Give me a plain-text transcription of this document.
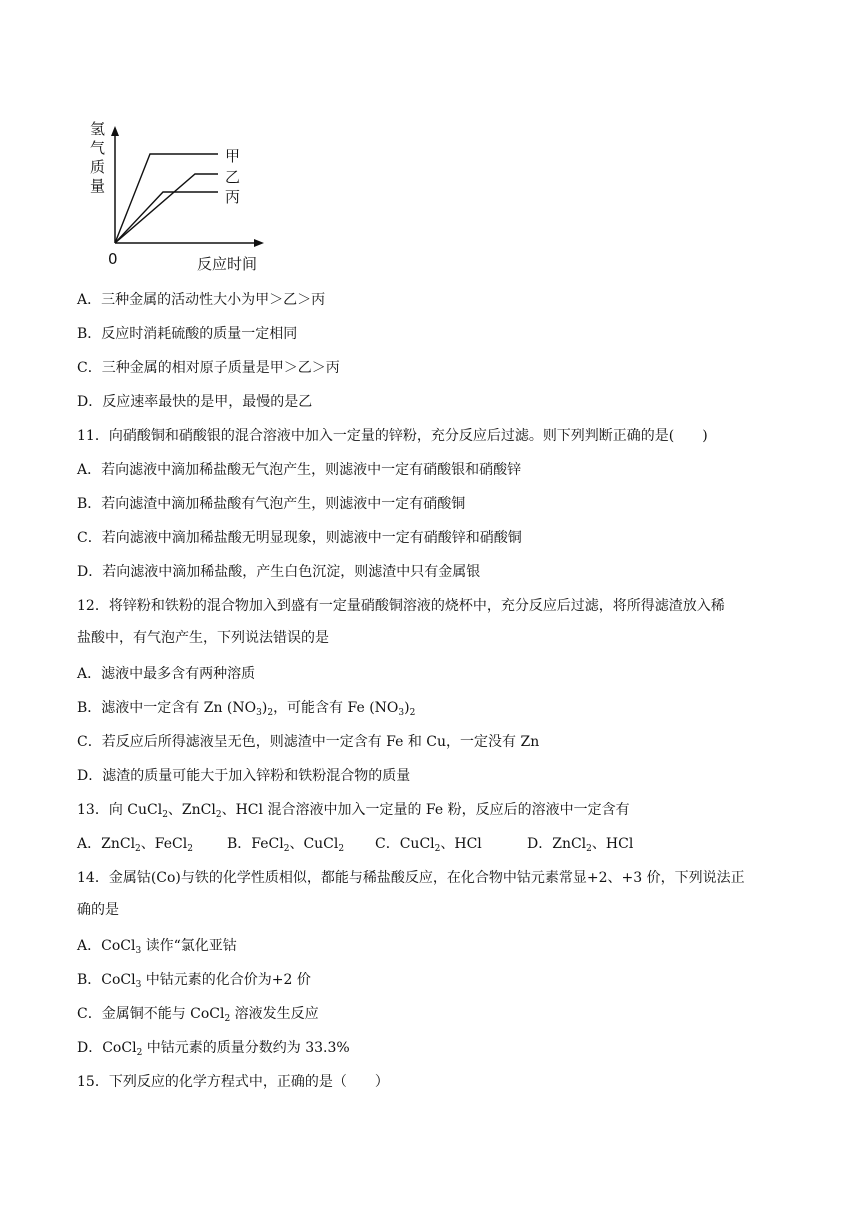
氢
气
质
量
甲
乙
丙
0	反应时间
A．三种金属的活动性大小为甲＞乙＞丙
B．反应时消耗硫酸的质量一定相同
C．三种金属的相对原子质量是甲＞乙＞丙
D．反应速率最快的是甲，最慢的是乙
11．向硝酸铜和硝酸银的混合溶液中加入一定量的锌粉，充分反应后过滤。则下列判断正确的是(　　)
A．若向滤液中滴加稀盐酸无气泡产生，则滤液中一定有硝酸银和硝酸锌
B．若向滤渣中滴加稀盐酸有气泡产生，则滤液中一定有硝酸铜
C．若向滤液中滴加稀盐酸无明显现象，则滤液中一定有硝酸锌和硝酸铜
D．若向滤液中滴加稀盐酸，产生白色沉淀，则滤渣中只有金属银
12．将锌粉和铁粉的混合物加入到盛有一定量硝酸铜溶液的烧杯中，充分反应后过滤，将所得滤渣放入稀
盐酸中，有气泡产生，下列说法错误的是
A．滤液中最多含有两种溶质
B．滤液中一定含有 Zn $(NO_3)_2$，可能含有 Fe $(NO_3)_2$
C．若反应后所得滤液呈无色，则滤渣中一定含有 Fe 和 Cu，一定没有 Zn
D．滤渣的质量可能大于加入锌粉和铁粉混合物的质量
13．向 CuCl$_2$、ZnCl$_2$、HCl 混合溶液中加入一定量的 Fe 粉，反应后的溶液中一定含有
A．ZnCl$_2$、FeCl$_2$ B．FeCl$_2$、CuCl$_2$ C．CuCl$_2$、HCl	D．ZnCl$_2$、HCl
14．金属钴(Co)与铁的化学性质相似，都能与稀盐酸反应，在化合物中钴元素常显+2、+3 价，下列说法正
确的是
A．CoCl$_3$ 读作“氯化亚钴
B．CoCl$_3$ 中钴元素的化合价为+2 价
C．金属铜不能与 CoCl$_2$ 溶液发生反应
D．CoCl$_2$ 中钴元素的质量分数约为 33.3%
15．下列反应的化学方程式中，正确的是（　　）
